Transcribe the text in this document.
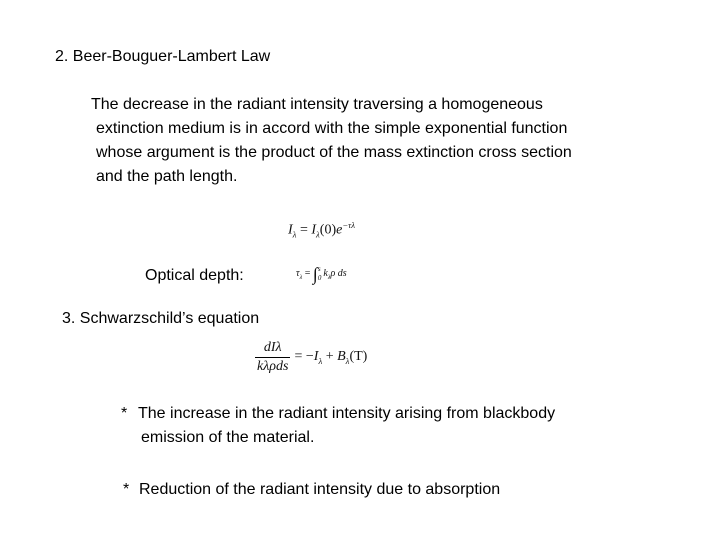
2. Beer-Bouguer-Lambert Law
The decrease in the radiant intensity traversing a homogeneous
extinction medium is in accord with the simple exponential function
whose argument is the product of the mass extinction cross section
and the path length.
$I_\lambda = I_\lambda(0)e^{-\tau\lambda}$
Optical depth:	$\tau_\lambda$ = ∫ s
0 $k_\lambda\rho$ ds
3. Schwarzschild’s equation
$\frac{\text{dIλ}}{\text{kλρds}} = -I_\lambda + B_\lambda(T)$
* The increase in the radiant intensity arising from blackbody
emission of the material.
* Reduction of the radiant intensity due to absorption
